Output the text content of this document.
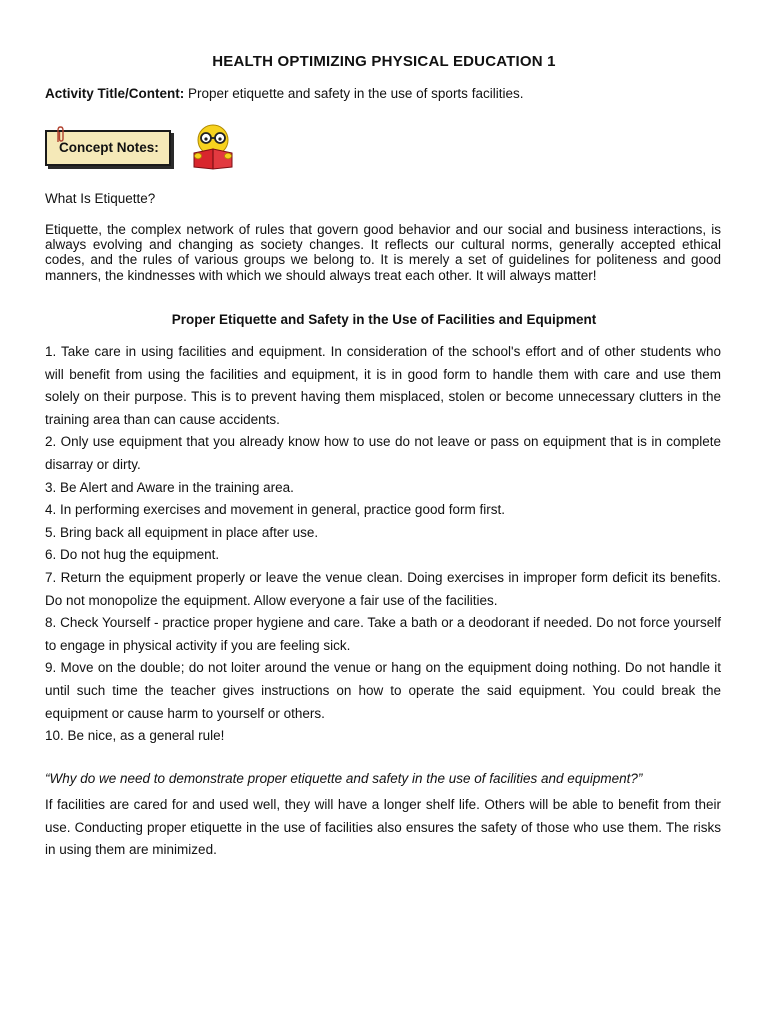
HEALTH OPTIMIZING PHYSICAL EDUCATION 1
Activity Title/Content: Proper etiquette and safety in the use of sports facilities.
Concept Notes:
What Is Etiquette?
Etiquette, the complex network of rules that govern good behavior and our social and business interactions, is always evolving and changing as society changes. It reflects our cultural norms, generally accepted ethical codes, and the rules of various groups we belong to. It is merely a set of guidelines for politeness and good manners, the kindnesses with which we should always treat each other. It will always matter!
Proper Etiquette and Safety in the Use of Facilities and Equipment

1. Take care in using facilities and equipment. In consideration of the school's effort and of other students who will benefit from using the facilities and equipment, it is in good form to handle them with care and use them solely on their purpose. This is to prevent having them misplaced, stolen or become unnecessary clutters in the training area than can cause accidents.

2. Only use equipment that you already know how to use do not leave or pass on equipment that is in complete disarray or dirty.

3. Be Alert and Aware in the training area.

4. In performing exercises and movement in general, practice good form first.

5. Bring back all equipment in place after use.

6. Do not hug the equipment.

7. Return the equipment properly or leave the venue clean. Doing exercises in improper form deficit its benefits. Do not monopolize the equipment. Allow everyone a fair use of the facilities.

8. Check Yourself - practice proper hygiene and care. Take a bath or a deodorant if needed. Do not force yourself to engage in physical activity if you are feeling sick.

9. Move on the double; do not loiter around the venue or hang on the equipment doing nothing. Do not handle it until such time the teacher gives instructions on how to operate the said equipment. You could break the equipment or cause harm to yourself or others.

10. Be nice, as a general rule!

“Why do we need to demonstrate proper etiquette and safety in the use of facilities and equipment?”

If facilities are cared for and used well, they will have a longer shelf life. Others will be able to benefit from their use. Conducting proper etiquette in the use of facilities also ensures the safety of those who use them. The risks in using them are minimized.
